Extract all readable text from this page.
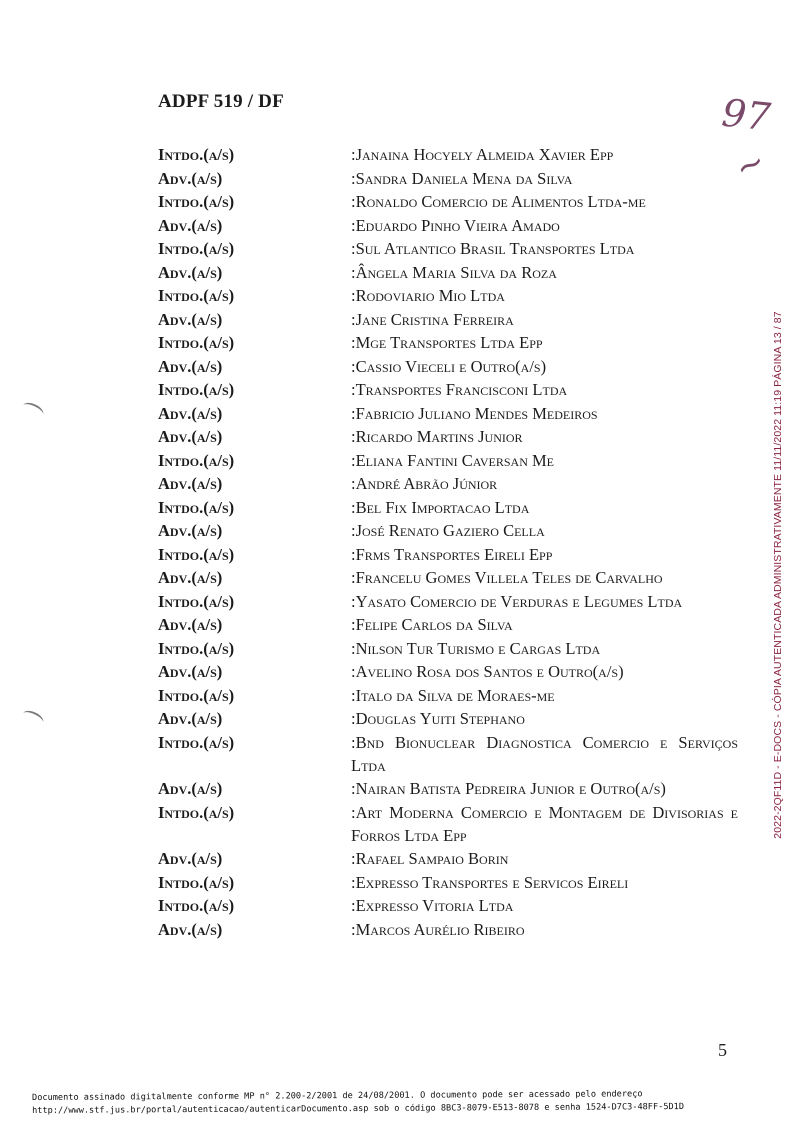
ADPF 519 / DF	97
~
Intdo.(a/s)	:Janaina Hocyely Almeida Xavier Epp
Adv.(a/s)	:Sandra Daniela Mena da Silva
Intdo.(a/s)	:Ronaldo Comercio de Alimentos Ltda-me
Adv.(a/s)	:Eduardo Pinho Vieira Amado
Intdo.(a/s)	:Sul Atlantico Brasil Transportes Ltda
Adv.(a/s)	:Ângela Maria Silva da Roza
Intdo.(a/s)	:Rodoviario Mio Ltda
Adv.(a/s)	:Jane Cristina Ferreira
Intdo.(a/s)	:Mge Transportes Ltda Epp
Adv.(a/s)	:Cassio Vieceli e Outro(a/s)
Intdo.(a/s)	:Transportes Francisconi Ltda
Adv.(a/s)	:Fabricio Juliano Mendes Medeiros
Adv.(a/s)	:Ricardo Martins Junior
Intdo.(a/s)	:Eliana Fantini Caversan Me
Adv.(a/s)	:André Abrão Júnior
Intdo.(a/s)	:Bel Fix Importacao Ltda
Adv.(a/s)	:José Renato Gaziero Cella
Intdo.(a/s)	:Frms Transportes Eireli Epp
Adv.(a/s)	:Francelu Gomes Villela Teles de Carvalho
Intdo.(a/s)	:Yasato Comercio de Verduras e Legumes Ltda
Adv.(a/s)	:Felipe Carlos da Silva
Intdo.(a/s)	:Nilson Tur Turismo e Cargas Ltda
Adv.(a/s)	:Avelino Rosa dos Santos e Outro(a/s)
Intdo.(a/s)	:Italo da Silva de Moraes-me
Adv.(a/s)	:Douglas Yuiti Stephano
Intdo.(a/s)	:Bnd Bionuclear Diagnostica Comercio e Serviços Ltda
Adv.(a/s)	:Nairan Batista Pedreira Junior e Outro(a/s)
Intdo.(a/s)	:Art Moderna Comercio e Montagem de Divisorias e Forros Ltda Epp
Adv.(a/s)	:Rafael Sampaio Borin
Intdo.(a/s)	:Expresso Transportes e Servicos Eireli
Intdo.(a/s)	:Expresso Vitoria Ltda
Adv.(a/s)	:Marcos Aurélio Ribeiro
2022-2QF11D - E-DOCS - CÓPIA AUTENTICADA ADMINISTRATIVAMENTE 11/11/2022 11:19 PÁGINA 13 / 87
5
Documento assinado digitalmente conforme MP n° 2.200-2/2001 de 24/08/2001. O documento pode ser acessado pelo endereço
http://www.stf.jus.br/portal/autenticacao/autenticarDocumento.asp sob o código 8BC3-8079-E513-8078 e senha 1524-D7C3-48FF-5D1D
